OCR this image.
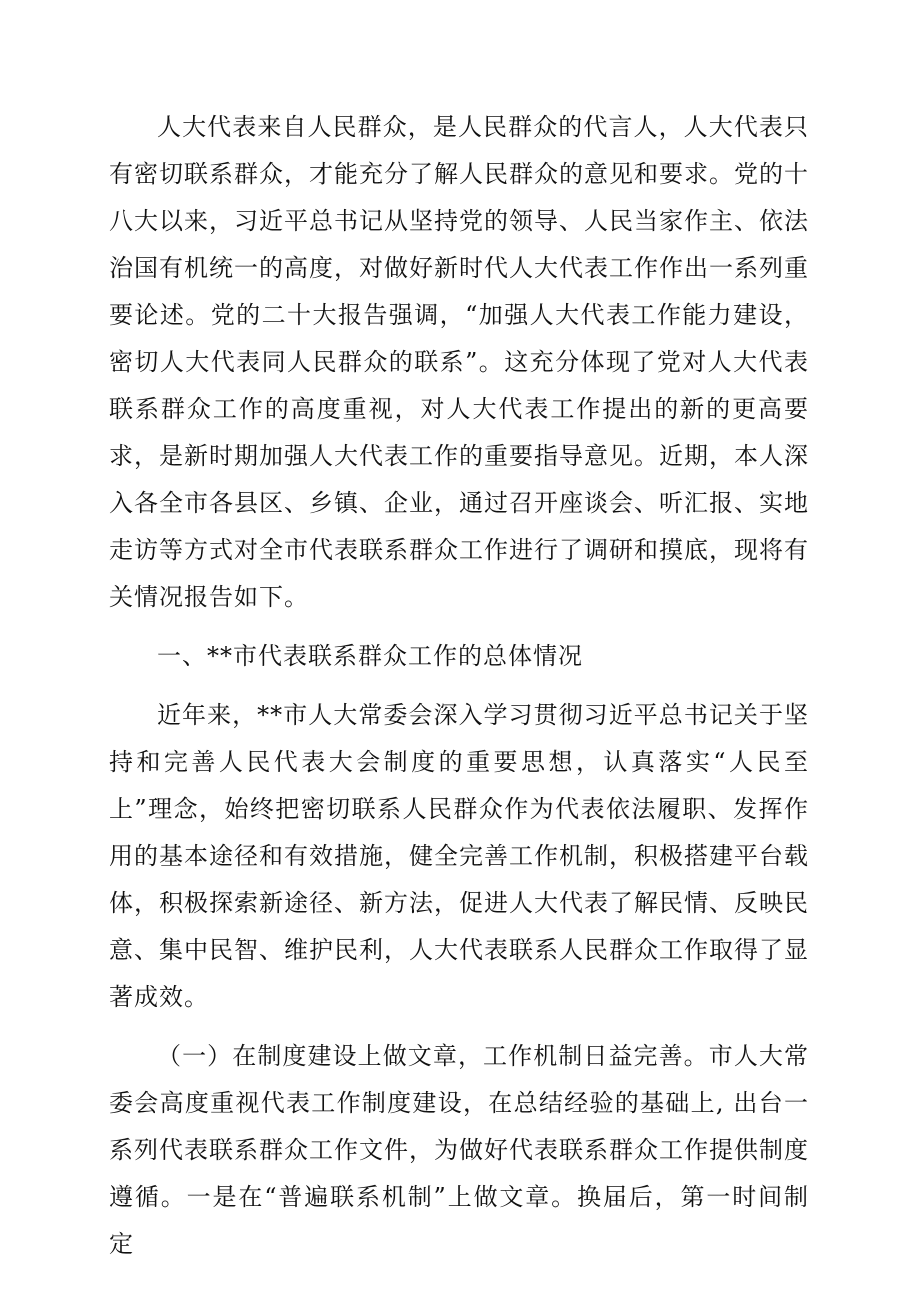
人大代表来自人民群众，是人民群众的代言人，人大代表只有密切联系群众，才能充分了解人民群众的意见和要求。党的十八大以来，习近平总书记从坚持党的领导、人民当家作主、依法治国有机统一的高度，对做好新时代人大代表工作作出一系列重要论述。党的二十大报告强调，“加强人大代表工作能力建设，密切人大代表同人民群众的联系”。这充分体现了党对人大代表联系群众工作的高度重视，对人大代表工作提出的新的更高要求，是新时期加强人大代表工作的重要指导意见。近期，本人深入各全市各县区、乡镇、企业，通过召开座谈会、听汇报、实地走访等方式对全市代表联系群众工作进行了调研和摸底，现将有关情况报告如下。

一、**市代表联系群众工作的总体情况

近年来，**市人大常委会深入学习贯彻习近平总书记关于坚持和完善人民代表大会制度的重要思想，认真落实“人民至上”理念，始终把密切联系人民群众作为代表依法履职、发挥作用的基本途径和有效措施，健全完善工作机制，积极搭建平台载体，积极探索新途径、新方法，促进人大代表了解民情、反映民意、集中民智、维护民利，人大代表联系人民群众工作取得了显著成效。

（一）在制度建设上做文章，工作机制日益完善。市人大常委会高度重视代表工作制度建设，在总结经验的基础上, 出台一系列代表联系群众工作文件，为做好代表联系群众工作提供制度遵循。一是在“普遍联系机制”上做文章。换届后，第一时间制定
